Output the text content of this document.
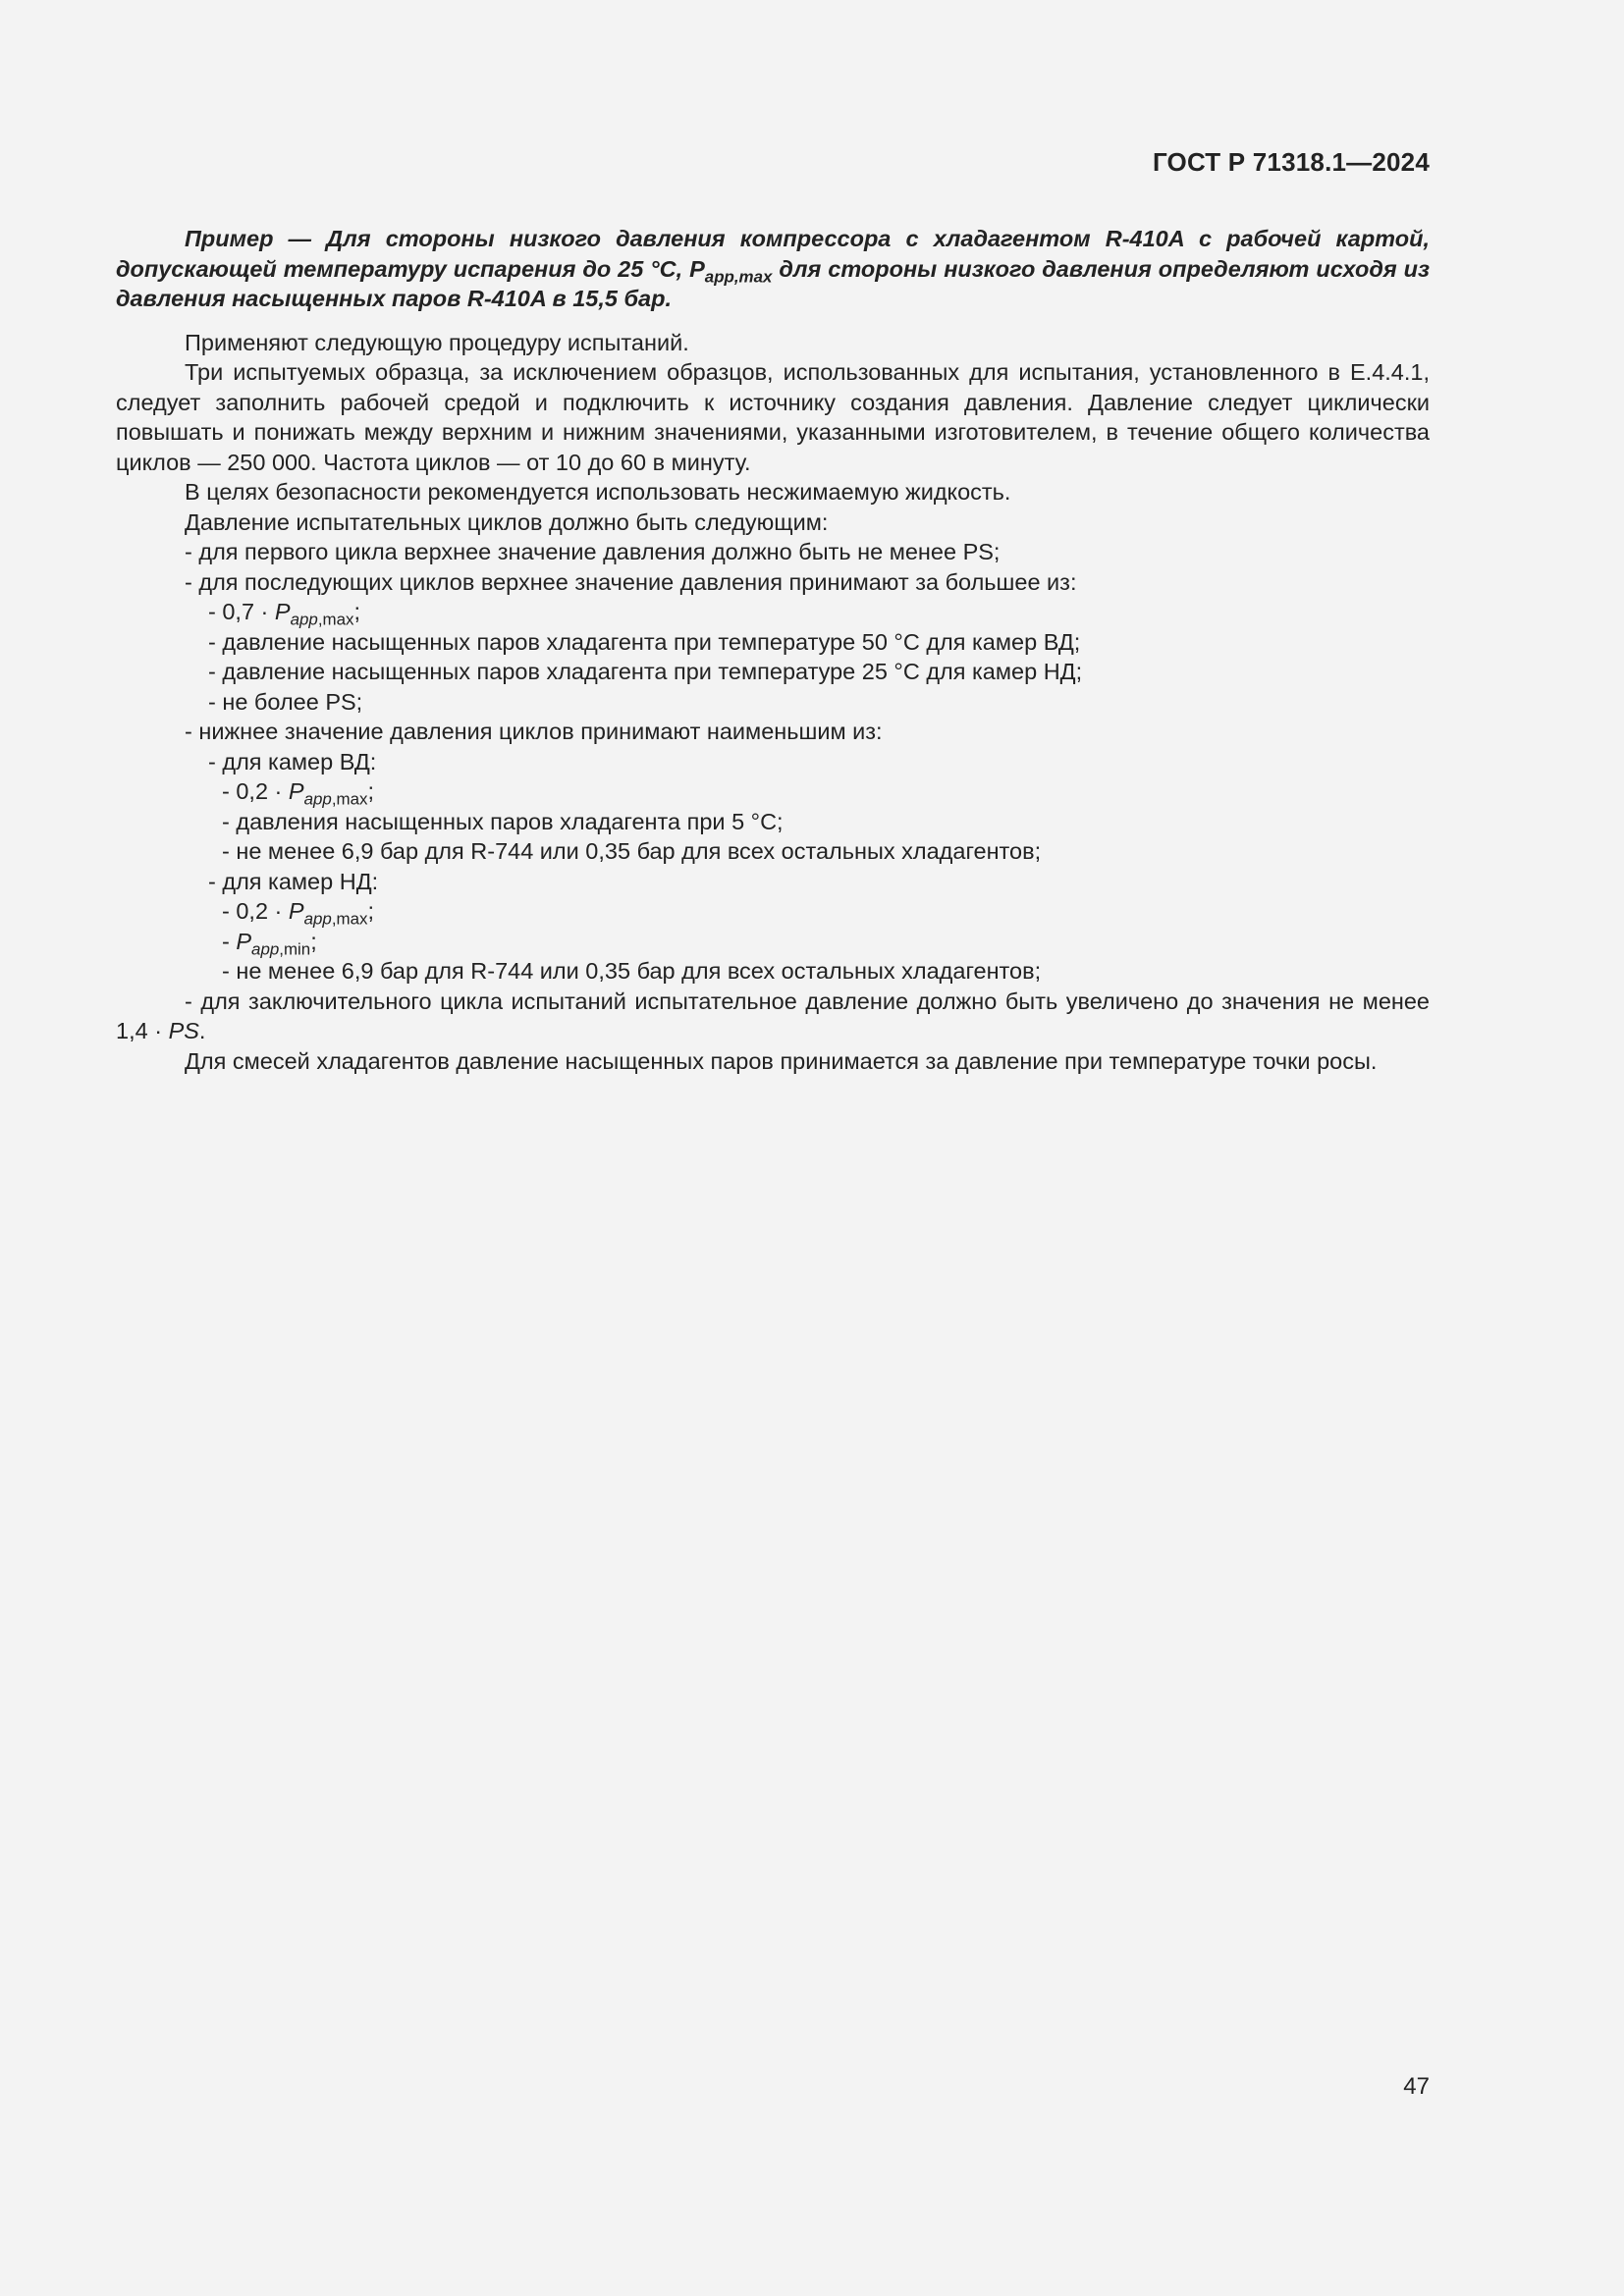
ГОСТ Р 71318.1—2024

Пример — Для стороны низкого давления компрессора с хладагентом R-410A с рабочей картой, допускающей температуру испарения до 25 °C, $P_{app,max}$ для стороны низкого давления определяют исходя из давления насыщенных паров R-410A в 15,5 бар.

Применяют следующую процедуру испытаний.

Три испытуемых образца, за исключением образцов, использованных для испытания, установленного в Е.4.4.1, следует заполнить рабочей средой и подключить к источнику создания давления. Давление следует циклически повышать и понижать между верхним и нижним значениями, указанными изготовителем, в течение общего количества циклов — 250 000. Частота циклов — от 10 до 60 в минуту.

В целях безопасности рекомендуется использовать несжимаемую жидкость.

Давление испытательных циклов должно быть следующим:

- для первого цикла верхнее значение давления должно быть не менее PS;

- для последующих циклов верхнее значение давления принимают за большее из:

- $0,7 \cdot P_{app,max}$;

- давление насыщенных паров хладагента при температуре 50 °C для камер ВД;

- давление насыщенных паров хладагента при температуре 25 °C для камер НД;

- не более PS;

- нижнее значение давления циклов принимают наименьшим из:

- для камер ВД:

- $0,2 \cdot P_{app,max}$;

- давления насыщенных паров хладагента при 5 °C;

- не менее 6,9 бар для R-744 или 0,35 бар для всех остальных хладагентов;

- для камер НД:

- $0,2 \cdot P_{app,max}$;

- $P_{app,min}$;

- не менее 6,9 бар для R-744 или 0,35 бар для всех остальных хладагентов;

- для заключительного цикла испытаний испытательное давление должно быть увеличено до значения не менее 1,4 · PS.

Для смесей хладагентов давление насыщенных паров принимается за давление при температуре точки росы.

47
